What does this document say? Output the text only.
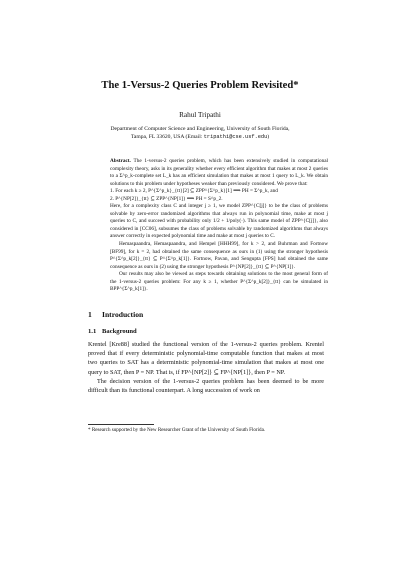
The 1-Versus-2 Queries Problem Revisited*
Rahul Tripathi
Department of Computer Science and Engineering, University of South Florida,
Tampa, FL 33620, USA (Email: tripathi@cse.usf.edu)

Abstract. The 1-versus-2 queries problem, which has been extensively studied in computational complexity theory, asks in its generality whether every efficient algorithm that makes at most 2 queries to a Σ^p_k-complete set L_k has an efficient simulation that makes at most 1 query to L_k. We obtain solutions to this problem under hypotheses weaker than previously considered. We prove that:

1. For each k ≥ 2, P^{Σ^p_k}_{tt}[2] ⊆ ZPP^{Σ^p_k}[1] ⟹ PH = Σ^p_k, and

2. P^{NP[2]}_{tt} ⊆ ZPP^{NP[1]} ⟹ PH = S^p_2.

Here, for a complexity class C and integer j ≥ 1, we model ZPP^{C[j]} to be the class of problems solvable by zero-error randomized algorithms that always run in polynomial time, make at most j queries to C, and succeed with probability only 1/2 + 1/poly(·). This same model of ZPP^{C[j]}, also considered in [CC06], subsumes the class of problems solvable by randomized algorithms that always answer correctly in expected polynomial time and make at most j queries to C.

Hemaspaandra, Hemaspaandra, and Hempel [HHH99], for k > 2, and Buhrman and Fortnow [BF99], for k = 2, had obtained the same consequence as ours in (1) using the stronger hypothesis P^{Σ^p_k[2]}_{tt} ⊆ P^{Σ^p_k[1]}. Fortnow, Pavan, and Sengupta [FPS] had obtained the same consequence as ours in (2) using the stronger hypothesis P^{NP[2]}_{tt} ⊆ P^{NP[1]}.

Our results may also be viewed as steps towards obtaining solutions to the most general form of the 1-versus-2 queries problem: For any k ≥ 1, whether P^{Σ^p_k[2]}_{tt} can be simulated in BPP^{Σ^p_k[1]}.

1 Introduction
1.1 Background

Krentel [Kre88] studied the functional version of the 1-versus-2 queries problem. Krentel proved that if every deterministic polynomial-time computable function that makes at most two queries to SAT has a deterministic polynomial-time simulation that makes at most one query to SAT, then P = NP. That is, if FP^{NP[2]} ⊆ FP^{NP[1]}, then P = NP.

The decision version of the 1-versus-2 queries problem has been deemed to be more difficult than its functional counterpart. A long succession of work on

* Research supported by the New Researcher Grant of the University of South Florida.
